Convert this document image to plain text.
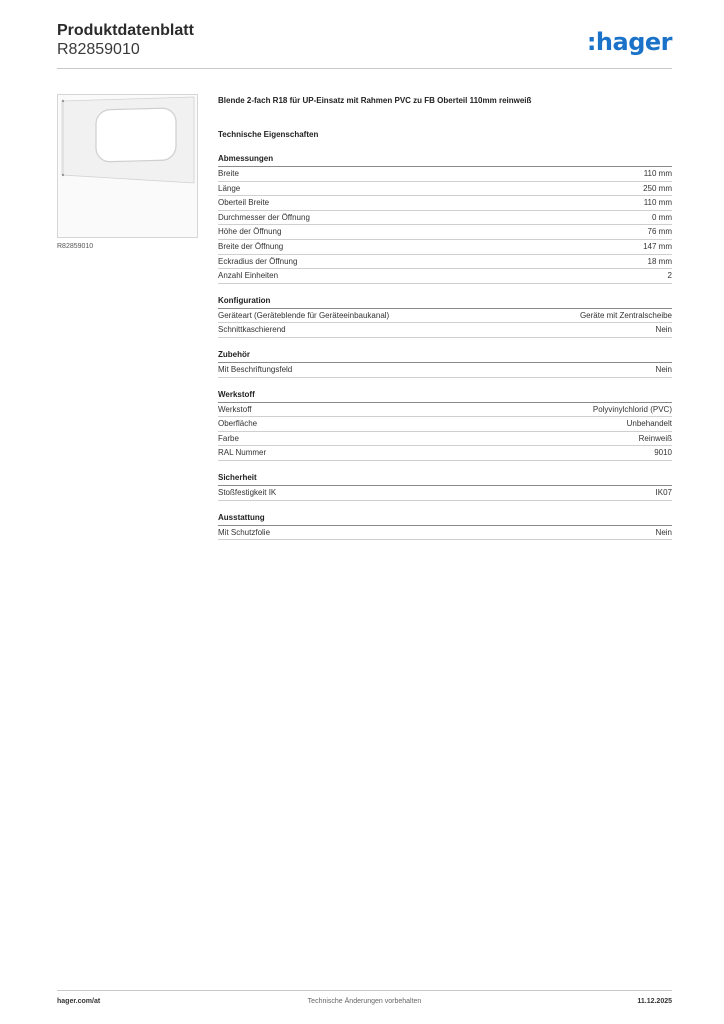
Produktdatenblatt
R82859010	:hager
R82859010
Blende 2-fach R18 für UP-Einsatz mit Rahmen PVC zu FB Oberteil 110mm reinweiß
Technische Eigenschaften
Abmessungen
Breite	110 mm
Länge	250 mm
Oberteil Breite	110 mm
Durchmesser der Öffnung	0 mm
Höhe der Öffnung	76 mm
Breite der Öffnung	147 mm
Eckradius der Öffnung	18 mm
Anzahl Einheiten	2
Konfiguration
Geräteart (Geräteblende für Geräteeinbaukanal)	Geräte mit Zentralscheibe
Schnittkaschierend	Nein
Zubehör
Mit Beschriftungsfeld	Nein
Werkstoff
Werkstoff	Polyvinylchlorid (PVC)
Oberfläche	Unbehandelt
Farbe	Reinweiß
RAL Nummer	9010
Sicherheit
Stoßfestigkeit IK	IK07
Ausstattung
Mit Schutzfolie	Nein
hager.com/at	Technische Änderungen vorbehalten	11.12.2025
